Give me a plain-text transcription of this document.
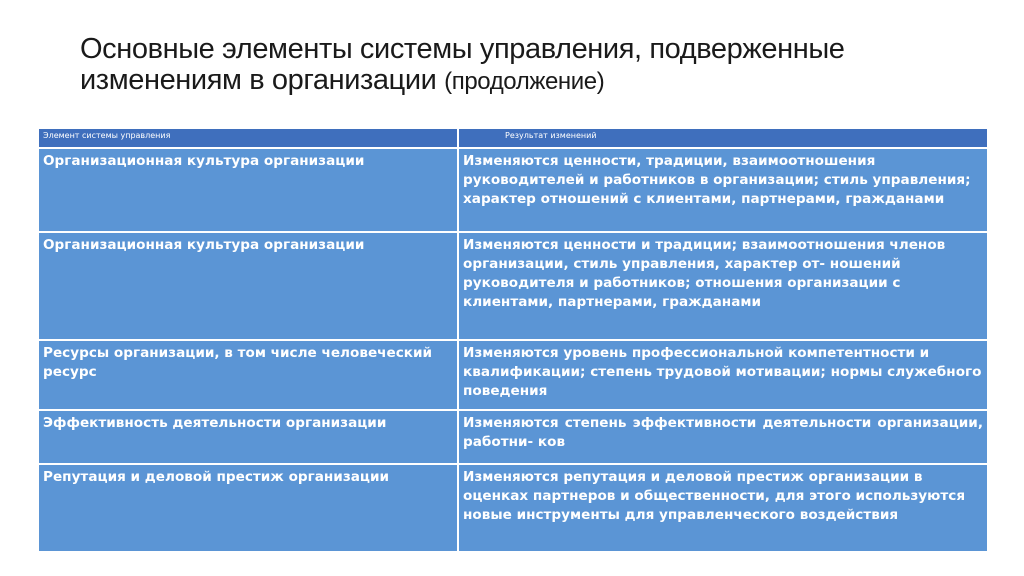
Основные элементы системы управления, подверженные изменениям в организации (продолжение)
Элемент системы управления	Результат изменений
Организационная культура организации	Изменяются ценности, традиции, взаимоотношения руководителей и работников в организации; стиль управления; характер отношений с клиентами, партнерами, гражданами
Организационная культура организации	Изменяются ценности и традиции; взаимоотношения членов организации, стиль управления, характер от- ношений руководителя и работников; отношения организации с клиентами, партнерами, гражданами
Ресурсы организации, в том числе человеческий ресурс	Изменяются уровень профессиональной компетентности и квалификации; степень трудовой мотивации; нормы служебного поведения
Эффективность деятельности организации	Изменяются степень эффективности деятельности организации, работни- ков
Репутация и деловой престиж организации	Изменяются репутация и деловой престиж организации в оценках партнеров и общественности, для этого используются новые инструменты для управленческого воздействия
